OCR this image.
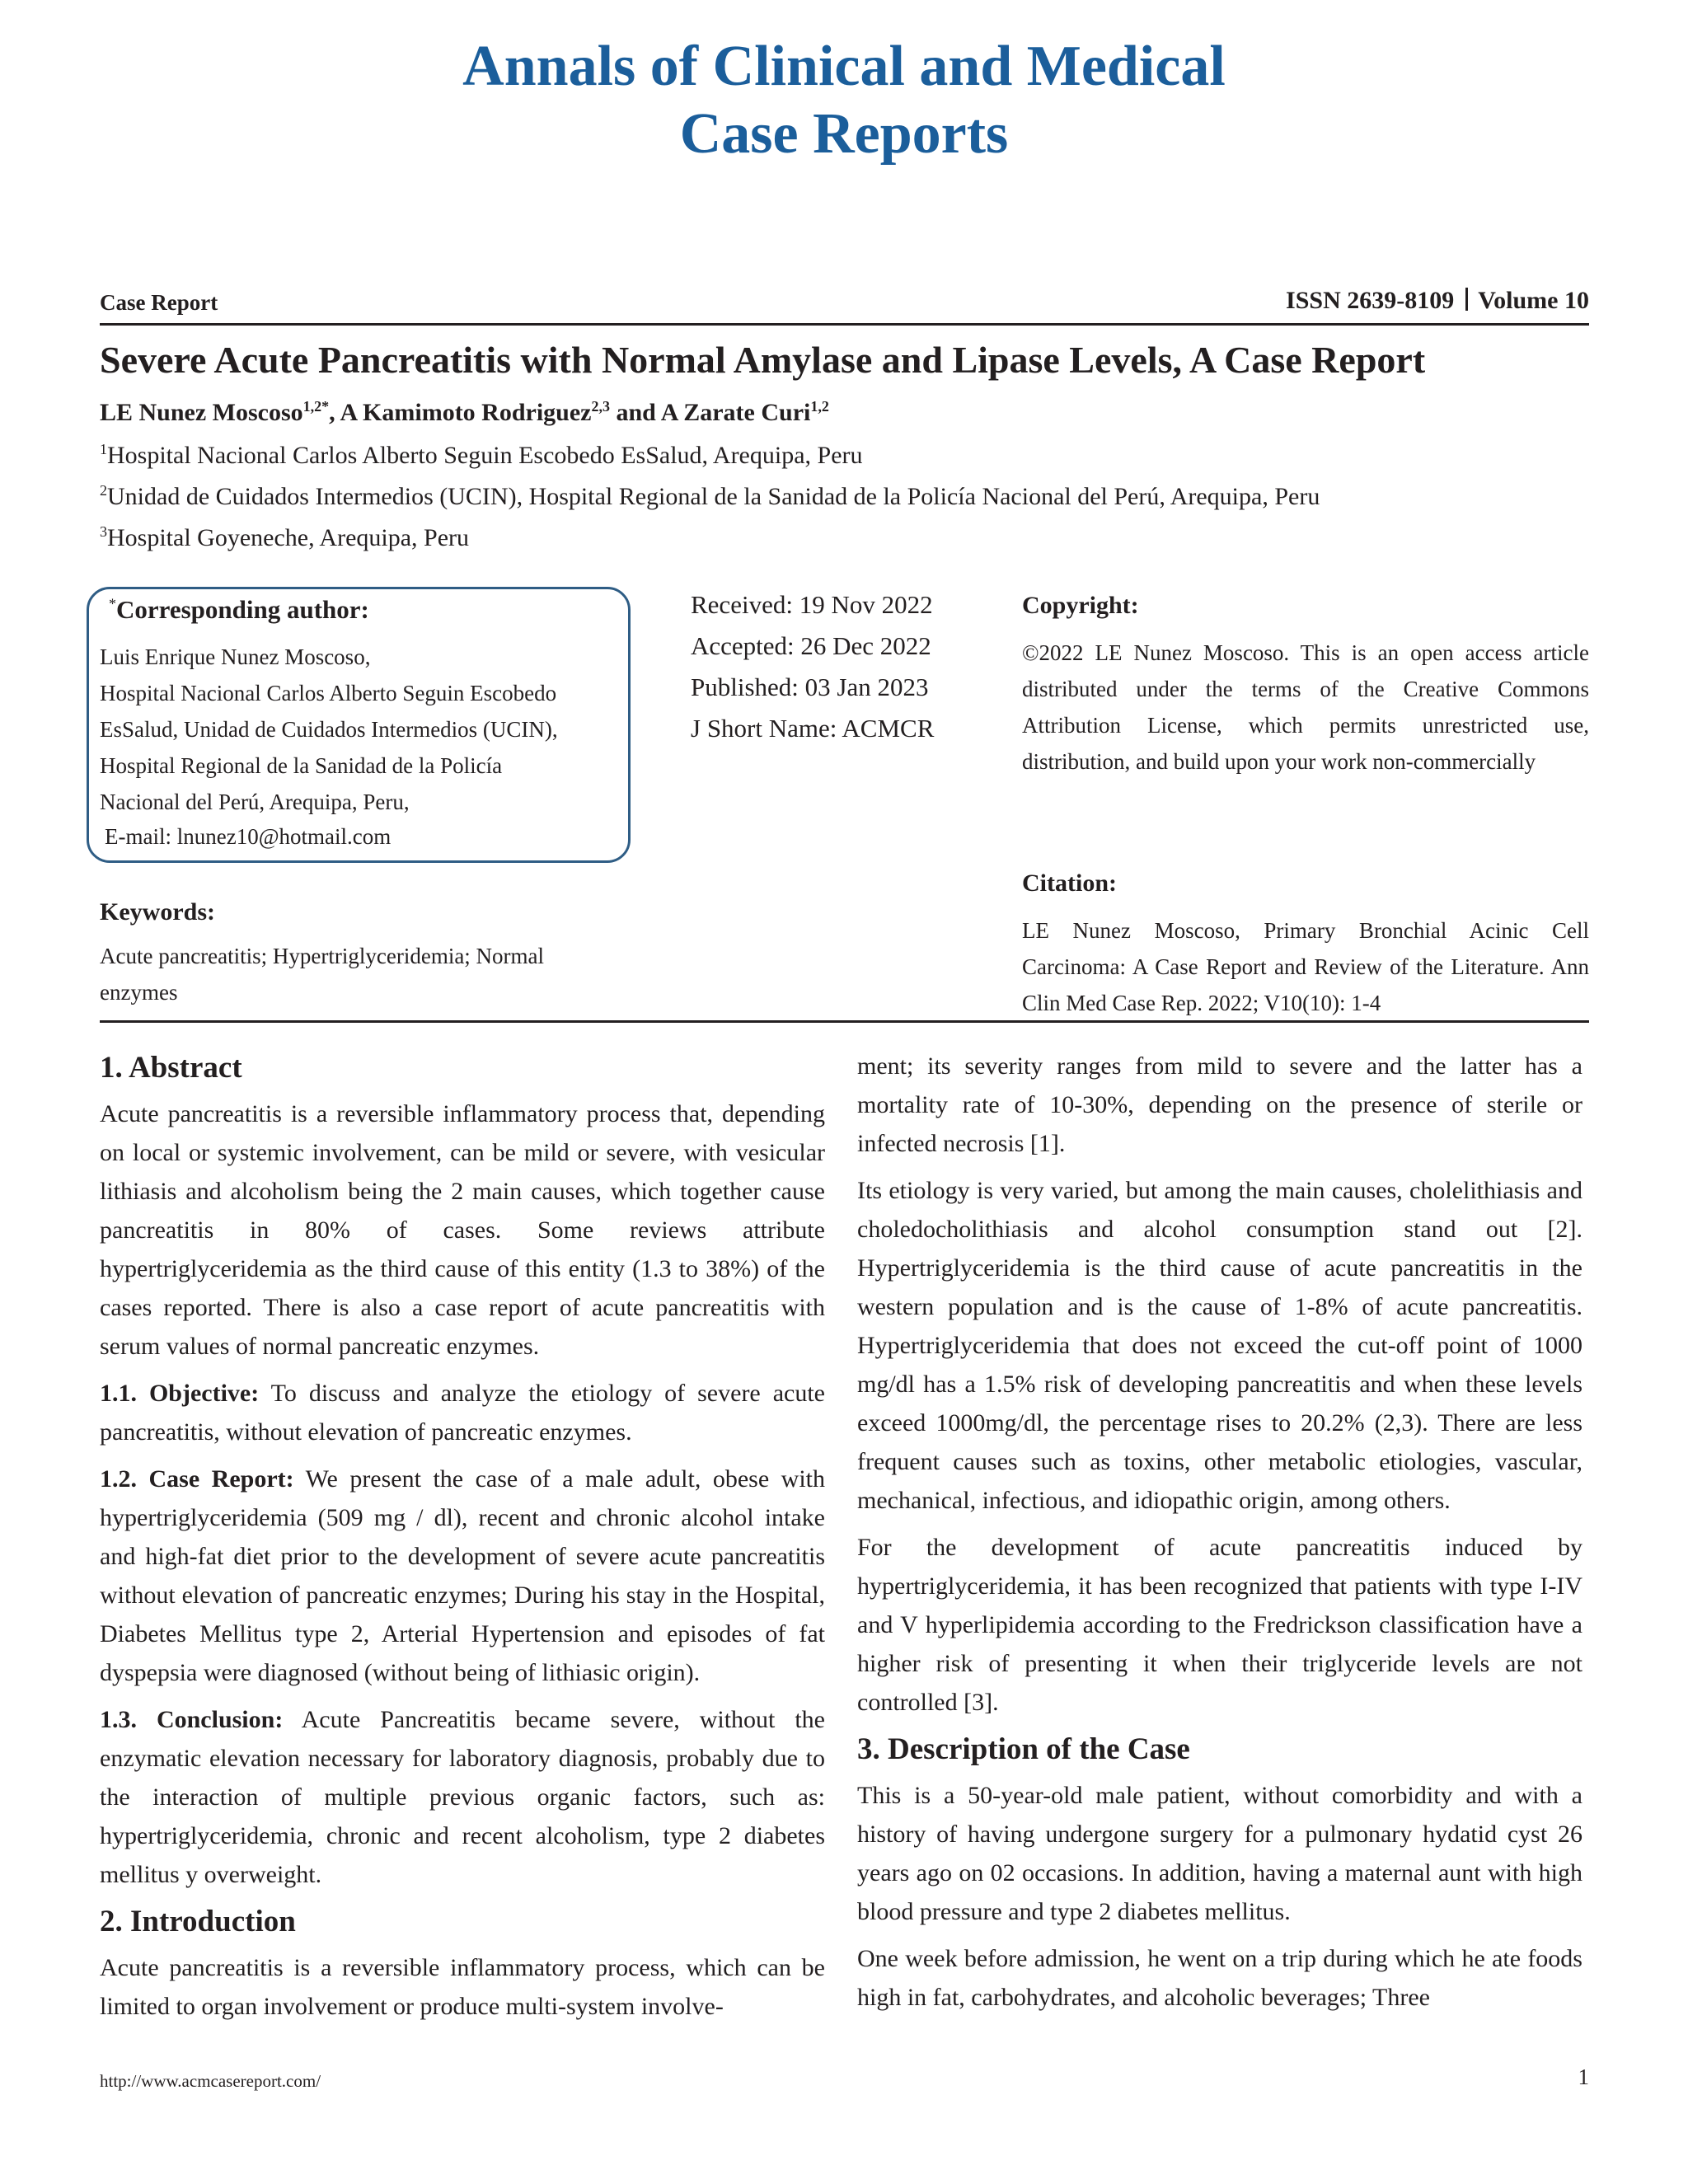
Annals of Clinical and Medical
Case Reports
Case Report	ISSN 2639-8109 Volume 10
Severe Acute Pancreatitis with Normal Amylase and Lipase Levels, A Case Report
LE Nunez Moscoso$^{1,2*}$, A Kamimoto Rodriguez$^{2,3}$ and A Zarate Curi$^{1,2}$
$^1$Hospital Nacional Carlos Alberto Seguin Escobedo EsSalud, Arequipa, Peru
$^2$Unidad de Cuidados Intermedios (UCIN), Hospital Regional de la Sanidad de la Policía Nacional del Perú, Arequipa, Peru
$^3$Hospital Goyeneche, Arequipa, Peru
*Corresponding author:
Luis Enrique Nunez Moscoso,
Hospital Nacional Carlos Alberto Seguin Escobedo
EsSalud, Unidad de Cuidados Intermedios (UCIN),
Hospital Regional de la Sanidad de la Policía
Nacional del Perú, Arequipa, Peru,
E-mail: lnunez10@hotmail.com
Received: 19 Nov 2022
Accepted: 26 Dec 2022
Published: 03 Jan 2023
J Short Name: ACMCR
Copyright:
©2022 LE Nunez Moscoso. This is an open access article distributed under the terms of the Creative Commons Attribution License, which permits unrestricted use, distribution, and build upon your work non-commercially
Citation:
LE Nunez Moscoso, Primary Bronchial Acinic Cell Carcinoma: A Case Report and Review of the Literature. Ann Clin Med Case Rep. 2022; V10(10): 1-4
Keywords:
Acute pancreatitis; Hypertriglyceridemia; Normal enzymes
1. Abstract

Acute pancreatitis is a reversible inflammatory process that, depending on local or systemic involvement, can be mild or severe, with vesicular lithiasis and alcoholism being the 2 main causes, which together cause pancreatitis in 80% of cases. Some reviews attribute hypertriglyceridemia as the third cause of this entity (1.3 to 38%) of the cases reported. There is also a case report of acute pancreatitis with serum values of normal pancreatic enzymes.

1.1. Objective: To discuss and analyze the etiology of severe acute pancreatitis, without elevation of pancreatic enzymes.

1.2. Case Report: We present the case of a male adult, obese with hypertriglyceridemia (509 mg / dl), recent and chronic alcohol intake and high-fat diet prior to the development of severe acute pancreatitis without elevation of pancreatic enzymes; During his stay in the Hospital, Diabetes Mellitus type 2, Arterial Hypertension and episodes of fat dyspepsia were diagnosed (without being of lithiasic origin).

1.3. Conclusion: Acute Pancreatitis became severe, without the enzymatic elevation necessary for laboratory diagnosis, probably due to the interaction of multiple previous organic factors, such as: hypertriglyceridemia, chronic and recent alcoholism, type 2 diabetes mellitus y overweight.

2. Introduction

Acute pancreatitis is a reversible inflammatory process, which can be limited to organ involvement or produce multi-system involve-

ment; its severity ranges from mild to severe and the latter has a mortality rate of 10-30%, depending on the presence of sterile or infected necrosis [1].

Its etiology is very varied, but among the main causes, cholelithiasis and choledocholithiasis and alcohol consumption stand out [2]. Hypertriglyceridemia is the third cause of acute pancreatitis in the western population and is the cause of 1-8% of acute pancreatitis. Hypertriglyceridemia that does not exceed the cut-off point of 1000 mg/dl has a 1.5% risk of developing pancreatitis and when these levels exceed 1000mg/dl, the percentage rises to 20.2% (2,3). There are less frequent causes such as toxins, other metabolic etiologies, vascular, mechanical, infectious, and idiopathic origin, among others.

For the development of acute pancreatitis induced by hypertriglyceridemia, it has been recognized that patients with type I-IV and V hyperlipidemia according to the Fredrickson classification have a higher risk of presenting it when their triglyceride levels are not controlled [3].

3. Description of the Case

This is a 50-year-old male patient, without comorbidity and with a history of having undergone surgery for a pulmonary hydatid cyst 26 years ago on 02 occasions. In addition, having a maternal aunt with high blood pressure and type 2 diabetes mellitus.

One week before admission, he went on a trip during which he ate foods high in fat, carbohydrates, and alcoholic beverages; Three

http://www.acmcasereport.com/	1
